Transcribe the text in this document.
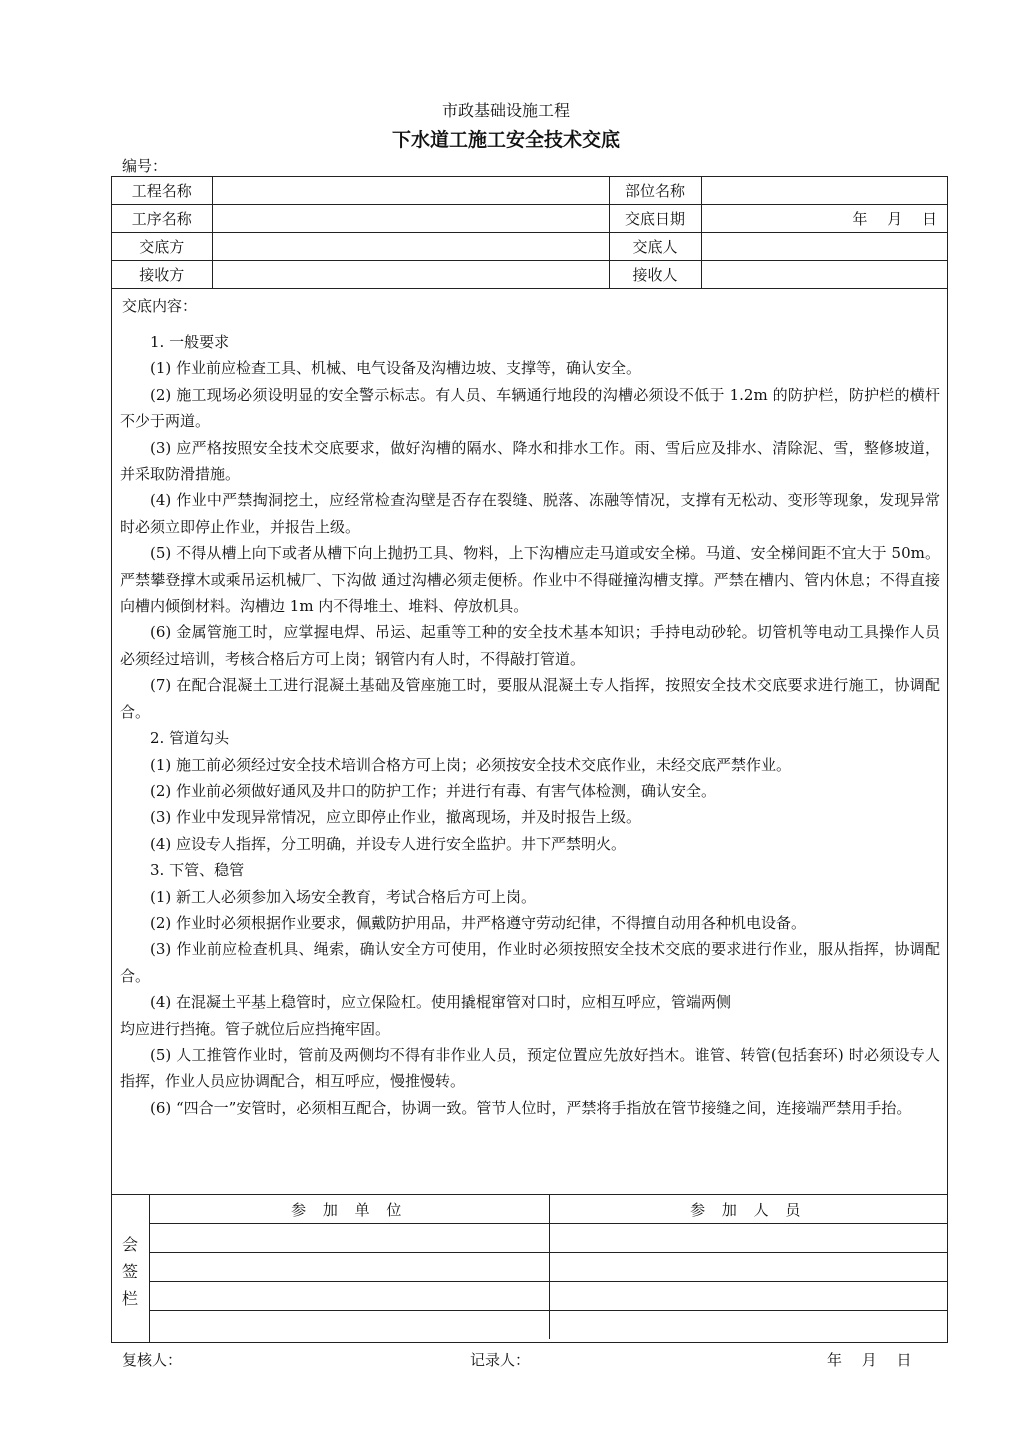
市政基础设施工程
下水道工施工安全技术交底
编号：
工程名称		部位名称	
工序名称		交底日期	年　 月　 日
交底方		交底人	
接收方		接收人	
交底内容：

1. 一般要求

(1) 作业前应检查工具、机械、电气设备及沟槽边坡、支撑等，确认安全。

(2) 施工现场必须设明显的安全警示标志。有人员、车辆通行地段的沟槽必须设不低于 1.2m 的防护栏，防护栏的横杆不少于两道。

(3) 应严格按照安全技术交底要求，做好沟槽的隔水、降水和排水工作。雨、雪后应及排水、清除泥、雪，整修坡道，并采取防滑措施。

(4) 作业中严禁掏洞挖土，应经常检查沟壁是否存在裂缝、脱落、冻融等情况，支撑有无松动、变形等现象，发现异常时必须立即停止作业，并报告上级。

(5) 不得从槽上向下或者从槽下向上抛扔工具、物料，上下沟槽应走马道或安全梯。马道、安全梯间距不宜大于 50m。严禁攀登撑木或乘吊运机械厂、下沟做 通过沟槽必须走便桥。作业中不得碰撞沟槽支撑。严禁在槽内、管内休息；不得直接向槽内倾倒材料。沟槽边 1m 内不得堆土、堆料、停放机具。

(6) 金属管施工时，应掌握电焊、吊运、起重等工种的安全技术基本知识；手持电动砂轮。切管机等电动工具操作人员必须经过培训，考核合格后方可上岗；钢管内有人时，不得敲打管道。

(7) 在配合混凝土工进行混凝土基础及管座施工时，要服从混凝土专人指挥，按照安全技术交底要求进行施工，协调配合。

2. 管道勾头

(1) 施工前必须经过安全技术培训合格方可上岗；必须按安全技术交底作业，未经交底严禁作业。

(2) 作业前必须做好通风及井口的防护工作；并进行有毒、有害气体检测，确认安全。

(3) 作业中发现异常情况，应立即停止作业，撤离现场，并及时报告上级。

(4) 应设专人指挥，分工明确，并设专人进行安全监护。井下严禁明火。

3. 下管、稳管

(1) 新工人必须参加入场安全教育，考试合格后方可上岗。

(2) 作业时必须根据作业要求，佩戴防护用品，井严格遵守劳动纪律，不得擅自动用各种机电设备。

(3) 作业前应检查机具、绳索，确认安全方可使用，作业时必须按照安全技术交底的要求进行作业，服从指挥，协调配合。

(4) 在混凝土平基上稳管时，应立保险杠。使用撬棍窜管对口时，应相互呼应，管端两侧

均应进行挡掩。管子就位后应挡掩牢固。

(5) 人工推管作业时，管前及两侧均不得有非作业人员，预定位置应先放好挡木。谁管、转管(包括套环) 时必须设专人指挥，作业人员应协调配合，相互呼应，慢推慢转。

(6) “四合一”安管时，必须相互配合，协调一致。管节人位时，严禁将手指放在管节接缝之间，连接端严禁用手抬。

会
签
栏
参 加 单 位	参 加 人 员

复核人：	记录人：	年　 月　 日
